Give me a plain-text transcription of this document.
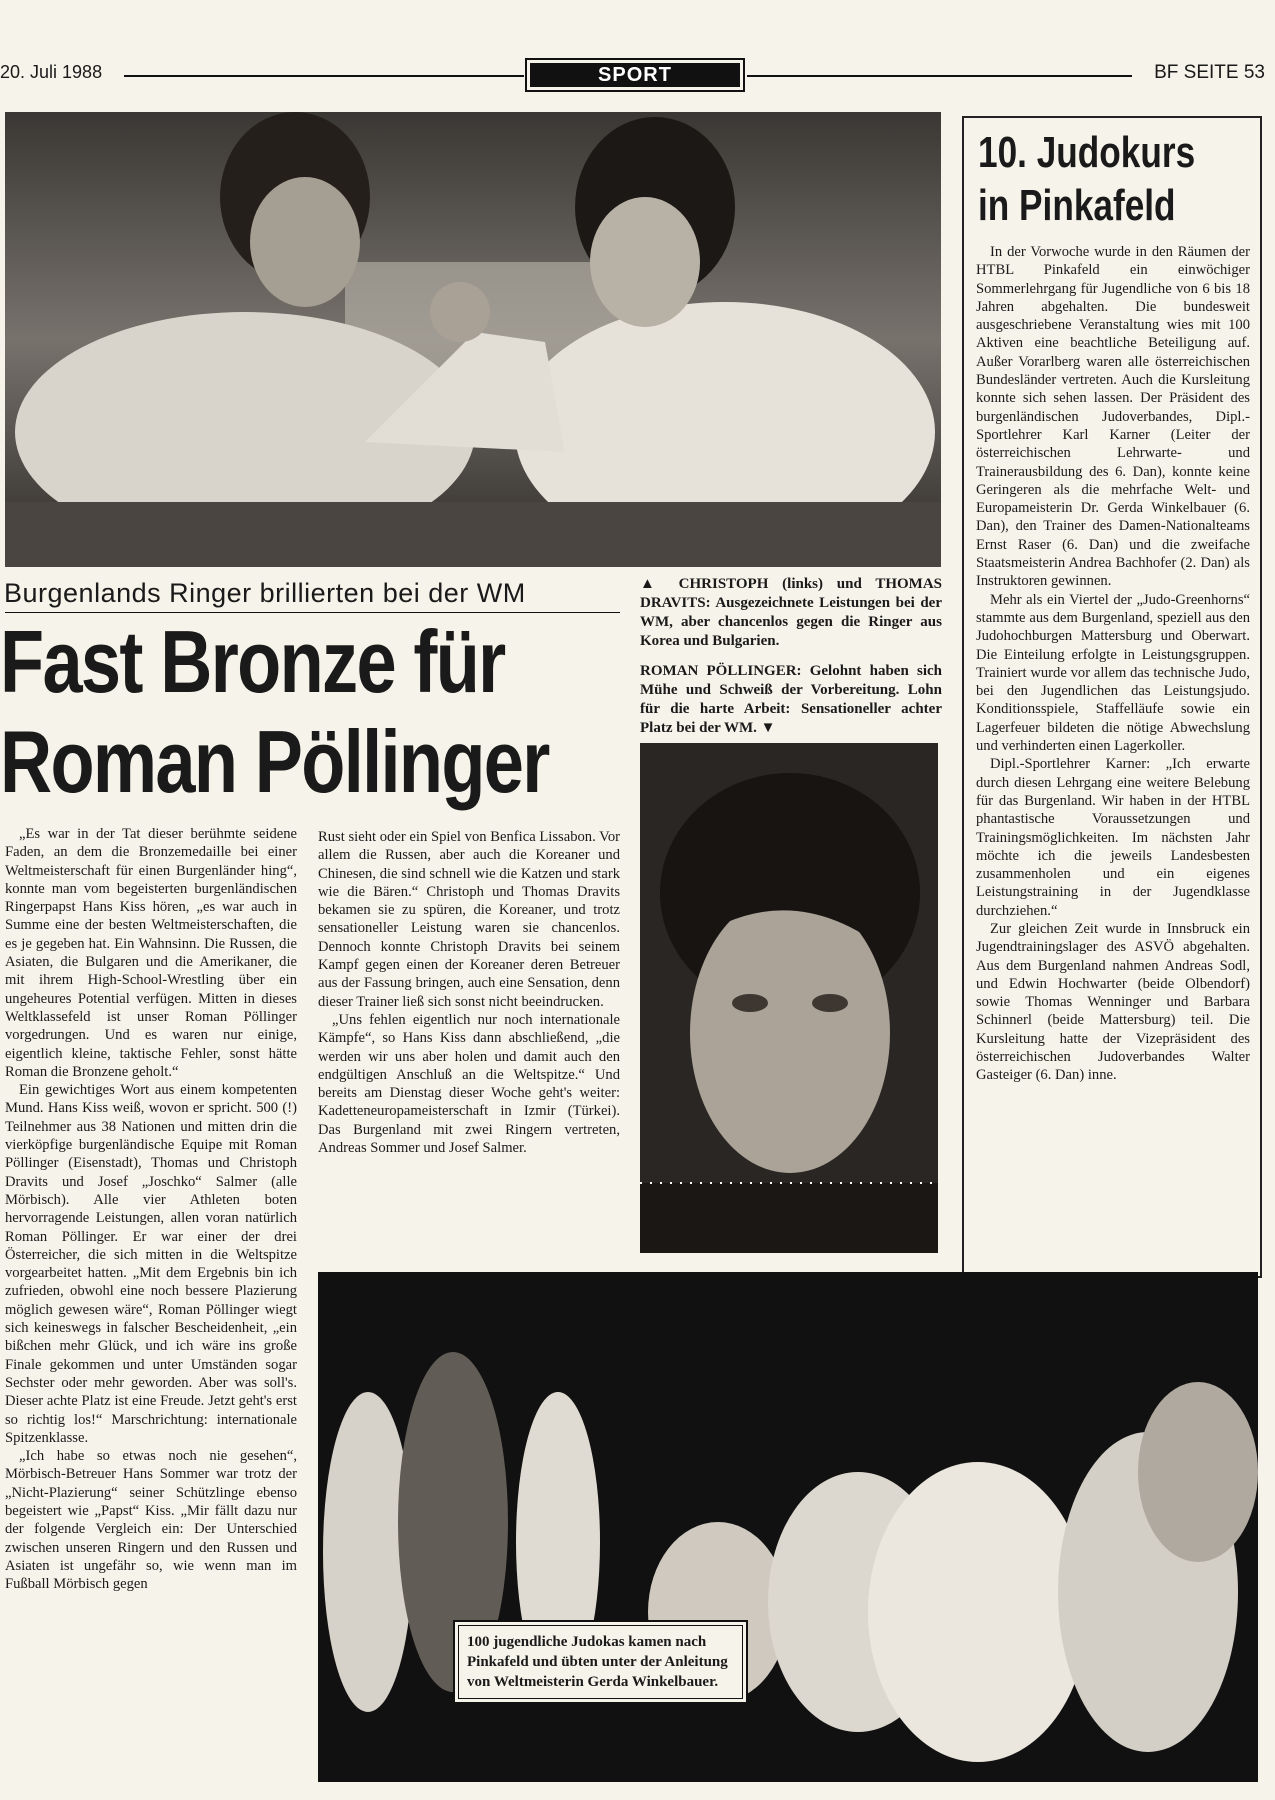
20. Juli 1988	SPORT	BF SEITE 53
Burgenlands Ringer brillierten bei der WM
Fast Bronze für
Roman Pöllinger

„Es war in der Tat dieser berühmte seidene Faden, an dem die Bronzemedaille bei einer Weltmeisterschaft für einen Burgenländer hing“, konnte man vom begeisterten burgenländischen Ringerpapst Hans Kiss hören, „es war auch in Summe eine der besten Weltmeisterschaften, die es je gegeben hat. Ein Wahnsinn. Die Russen, die Asiaten, die Bulgaren und die Amerikaner, die mit ihrem High-School-Wrestling über ein ungeheures Potential verfügen. Mitten in dieses Weltklassefeld ist unser Roman Pöllinger vorgedrungen. Und es waren nur einige, eigentlich kleine, taktische Fehler, sonst hätte Roman die Bronzene geholt.“

Ein gewichtiges Wort aus einem kompetenten Mund. Hans Kiss weiß, wovon er spricht. 500 (!) Teilnehmer aus 38 Nationen und mitten drin die vierköpfige burgenländische Equipe mit Roman Pöllinger (Eisenstadt), Thomas und Christoph Dravits und Josef „Joschko“ Salmer (alle Mörbisch). Alle vier Athleten boten hervorragende Leistungen, allen voran natürlich Roman Pöllinger. Er war einer der drei Österreicher, die sich mitten in die Weltspitze vorgearbeitet hatten. „Mit dem Ergebnis bin ich zufrieden, obwohl eine noch bessere Plazierung möglich gewesen wäre“, Roman Pöllinger wiegt sich keineswegs in falscher Bescheidenheit, „ein bißchen mehr Glück, und ich wäre ins große Finale gekommen und unter Umständen sogar Sechster oder mehr geworden. Aber was soll's. Dieser achte Platz ist eine Freude. Jetzt geht's erst so richtig los!“ Marschrichtung: internationale Spitzenklasse.

„Ich habe so etwas noch nie gesehen“, Mörbisch-Betreuer Hans Sommer war trotz der „Nicht-Plazierung“ seiner Schützlinge ebenso begeistert wie „Papst“ Kiss. „Mir fällt dazu nur der folgende Vergleich ein: Der Unterschied zwischen unseren Ringern und den Russen und Asiaten ist ungefähr so, wie wenn man im Fußball Mörbisch gegen

Rust sieht oder ein Spiel von Benfica Lissabon. Vor allem die Russen, aber auch die Koreaner und Chinesen, die sind schnell wie die Katzen und stark wie die Bären.“ Christoph und Thomas Dravits bekamen sie zu spüren, die Koreaner, und trotz sensationeller Leistung waren sie chancenlos. Dennoch konnte Christoph Dravits bei seinem Kampf gegen einen der Koreaner deren Betreuer aus der Fassung bringen, auch eine Sensation, denn dieser Trainer ließ sich sonst nicht beeindrucken.

„Uns fehlen eigentlich nur noch internationale Kämpfe“, so Hans Kiss dann abschließend, „die werden wir uns aber holen und damit auch den endgültigen Anschluß an die Weltspitze.“ Und bereits am Dienstag dieser Woche geht's weiter: Kadetteneuropameisterschaft in Izmir (Türkei). Das Burgenland mit zwei Ringern vertreten, Andreas Sommer und Josef Salmer.

▲ CHRISTOPH (links) und THOMAS DRAVITS: Ausgezeichnete Leistungen bei der WM, aber chancenlos gegen die Ringer aus Korea und Bulgarien.
ROMAN PÖLLINGER: Gelohnt haben sich Mühe und Schweiß der Vorbereitung. Lohn für die harte Arbeit: Sensationeller achter Platz bei der WM. ▼
10. Judokurs
in Pinkafeld

In der Vorwoche wurde in den Räumen der HTBL Pinkafeld ein einwöchiger Sommerlehrgang für Jugendliche von 6 bis 18 Jahren abgehalten. Die bundesweit ausgeschriebene Veranstaltung wies mit 100 Aktiven eine beachtliche Beteiligung auf. Außer Vorarlberg waren alle österreichischen Bundesländer vertreten. Auch die Kursleitung konnte sich sehen lassen. Der Präsident des burgenländischen Judoverbandes, Dipl.-Sportlehrer Karl Karner (Leiter der österreichischen Lehrwarte- und Trainerausbildung des 6. Dan), konnte keine Geringeren als die mehrfache Welt- und Europameisterin Dr. Gerda Winkelbauer (6. Dan), den Trainer des Damen-Nationalteams Ernst Raser (6. Dan) und die zweifache Staatsmeisterin Andrea Bachhofer (2. Dan) als Instruktoren gewinnen.

Mehr als ein Viertel der „Judo-Greenhorns“ stammte aus dem Burgenland, speziell aus den Judohochburgen Mattersburg und Oberwart. Die Einteilung erfolgte in Leistungsgruppen. Trainiert wurde vor allem das technische Judo, bei den Jugendlichen das Leistungsjudo. Konditionsspiele, Staffelläufe sowie ein Lagerfeuer bildeten die nötige Abwechslung und verhinderten einen Lagerkoller.

Dipl.-Sportlehrer Karner: „Ich erwarte durch diesen Lehrgang eine weitere Belebung für das Burgenland. Wir haben in der HTBL phantastische Voraussetzungen und Trainingsmöglichkeiten. Im nächsten Jahr möchte ich die jeweils Landesbesten zusammenholen und ein eigenes Leistungstraining in der Jugendklasse durchziehen.“

Zur gleichen Zeit wurde in Innsbruck ein Jugendtrainingslager des ASVÖ abgehalten. Aus dem Burgenland nahmen Andreas Sodl, und Edwin Hochwarter (beide Olbendorf) sowie Thomas Wenninger und Barbara Schinnerl (beide Mattersburg) teil. Die Kursleitung hatte der Vizepräsident des österreichischen Judoverbandes Walter Gasteiger (6. Dan) inne.

100 jugendliche Judokas kamen nach Pinkafeld und übten unter der Anleitung von Weltmeisterin Gerda Winkelbauer.
